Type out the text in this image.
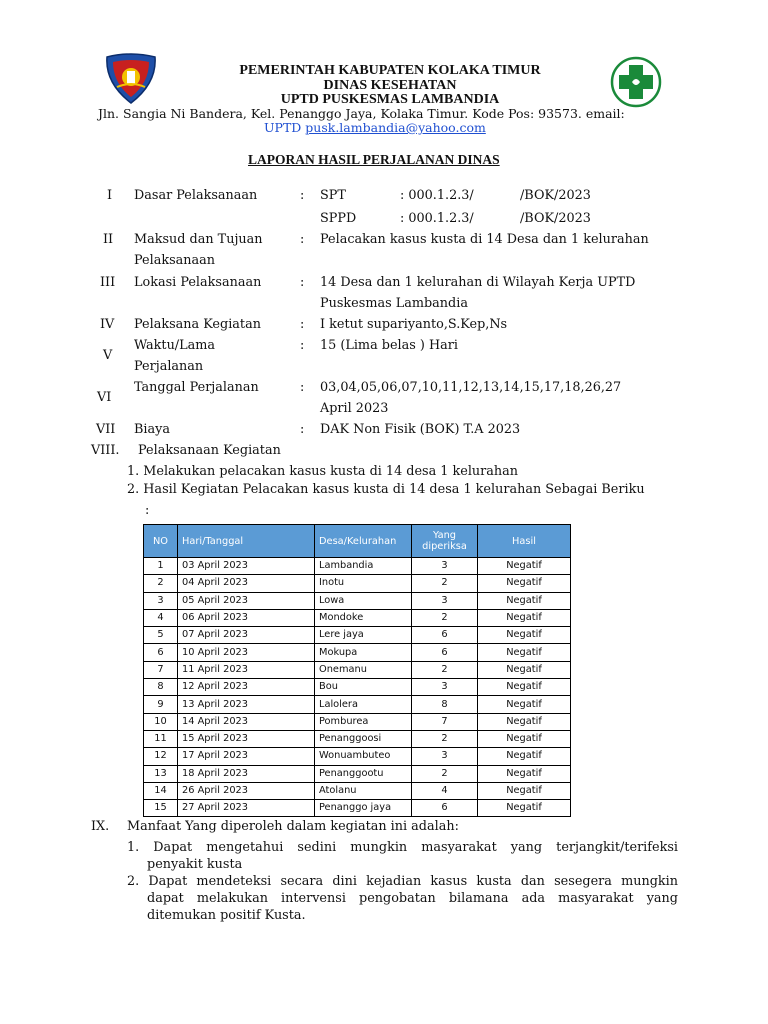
PEMERINTAH KABUPATEN KOLAKA TIMUR
DINAS KESEHATAN
UPTD PUSKESMAS LAMBANDIA
Jln. Sangia Ni Bandera, Kel. Penanggo Jaya, Kolaka Timur. Kode Pos: 93573. email:
UPTD pusk.lambandia@yahoo.com
LAPORAN HASIL PERJALANAN DINAS
I Dasar Pelaksanaan	: SPT	: 000.1.2.3/	/BOK/2023
SPPD	: 000.1.2.3/	/BOK/2023
II Maksud dan Tujuan
Pelaksanaan
: Pelacakan kasus kusta di 14 Desa dan 1 kelurahan
III Lokasi Pelaksanaan	: 14 Desa dan 1 kelurahan di Wilayah Kerja UPTD
Puskesmas Lambandia
IV Pelaksana Kegiatan	: I ketut supariyanto,S.Kep,Ns
V
Waktu/Lama
Perjalanan
: 15 (Lima belas ) Hari
VI
Tanggal Perjalanan	: 03,04,05,06,07,10,11,12,13,14,15,17,18,26,27
April 2023
VII Biaya	: DAK Non Fisik (BOK) T.A 2023
VIII. Pelaksanaan Kegiatan
1. Melakukan pelacakan kasus kusta di 14 desa 1 kelurahan
2. Hasil Kegiatan Pelacakan kasus kusta di 14 desa 1 kelurahan Sebagai Beriku
:
NO	Hari/Tanggal	Desa/Kelurahan	Yang diperiksa	Hasil
1	03 April 2023	Lambandia	3	Negatif
2	04 April 2023	Inotu	2	Negatif
3	05 April 2023	Lowa	3	Negatif
4	06 April 2023	Mondoke	2	Negatif
5	07 April 2023	Lere jaya	6	Negatif
6	10 April 2023	Mokupa	6	Negatif
7	11 April 2023	Onemanu	2	Negatif
8	12 April 2023	Bou	3	Negatif
9	13 April 2023	Lalolera	8	Negatif
10	14 April 2023	Pomburea	7	Negatif
11	15 April 2023	Penanggoosi	2	Negatif
12	17 April 2023	Wonuambuteo	3	Negatif
13	18 April 2023	Penanggootu	2	Negatif
14	26 April 2023	Atolanu	4	Negatif
15	27 April 2023	Penanggo jaya	6	Negatif
IX. Manfaat Yang diperoleh dalam kegiatan ini adalah:
1. Dapat mengetahui sedini mungkin masyarakat yang terjangkit/terifeksi
penyakit kusta
2. Dapat mendeteksi secara dini kejadian kasus kusta dan sesegera mungkin
dapat melakukan intervensi pengobatan bilamana ada masyarakat yang
ditemukan positif Kusta.
